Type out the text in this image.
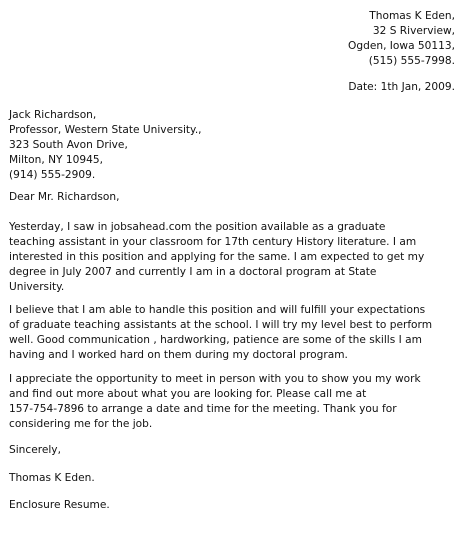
Thomas K Eden,
32 S Riverview,
Ogden, Iowa 50113,
(515) 555-7998.
Date: 1th Jan, 2009.
Jack Richardson,
Professor, Western State University.,
323 South Avon Drive,
Milton, NY 10945,
(914) 555-2909.
Dear Mr. Richardson,
Yesterday, I saw in jobsahead.com the position available as a graduate
teaching assistant in your classroom for 17th century History literature. I am
interested in this position and applying for the same. I am expected to get my
degree in July 2007 and currently I am in a doctoral program at State
University.
I believe that I am able to handle this position and will fulfill your expectations
of graduate teaching assistants at the school. I will try my level best to perform
well. Good communication , hardworking, patience are some of the skills I am
having and I worked hard on them during my doctoral program.
I appreciate the opportunity to meet in person with you to show you my work
and find out more about what you are looking for. Please call me at
157-754-7896 to arrange a date and time for the meeting. Thank you for
considering me for the job.
Sincerely,
Thomas K Eden.
Enclosure Resume.
